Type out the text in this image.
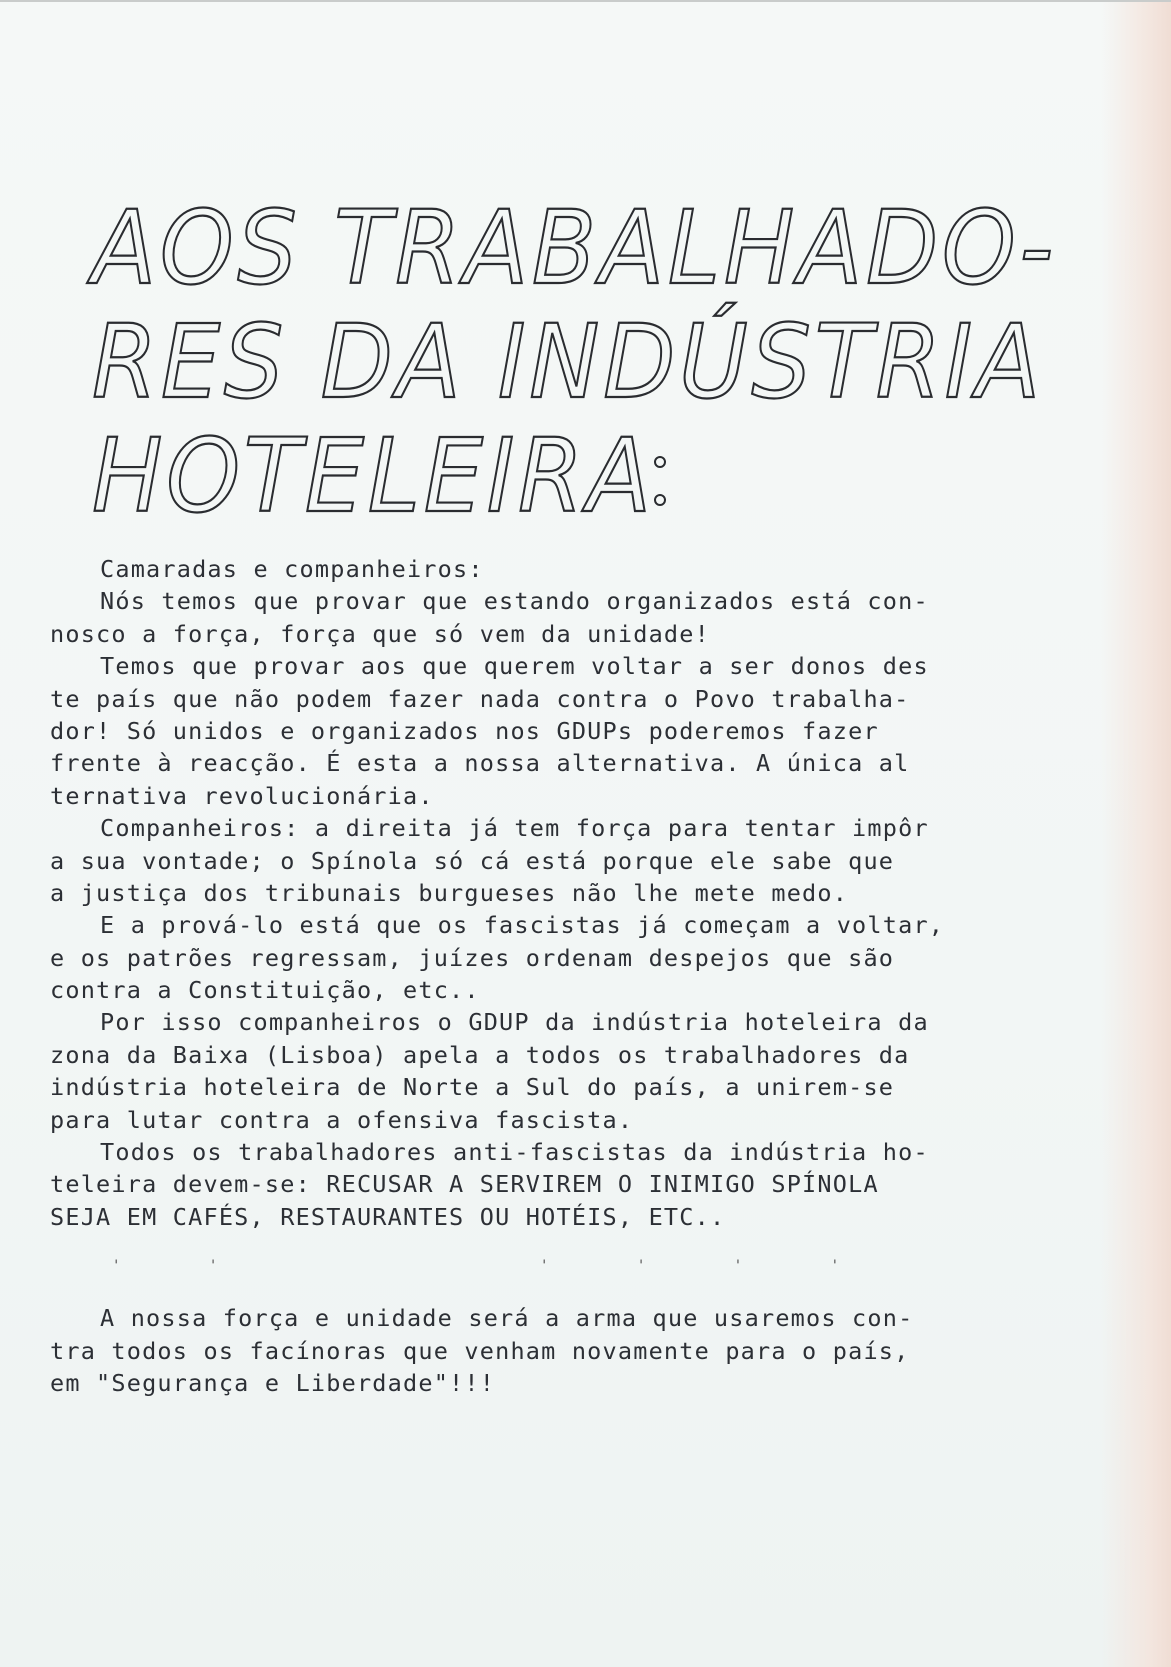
AOS TRABALHADO-
RES DA INDÚSTRIA
HOTELEIRA
Camaradas e companheiros:
Nós temos que provar que estando organizados está con-
nosco a força, força que só vem da unidade!
Temos que provar aos que querem voltar a ser donos des
te país que não podem fazer nada contra o Povo trabalha-
dor! Só unidos e organizados nos GDUPs poderemos fazer
frente à reacção. É esta a nossa alternativa. A única al
ternativa revolucionária.
Companheiros: a direita já tem força para tentar impôr
a sua vontade; o Spínola só cá está porque ele sabe que
a justiça dos tribunais burgueses não lhe mete medo.
E a prová-lo está que os fascistas já começam a voltar,
e os patrões regressam, juízes ordenam despejos que são
contra a Constituição, etc..
Por isso companheiros o GDUP da indústria hoteleira da
zona da Baixa (Lisboa) apela a todos os trabalhadores da
indústria hoteleira de Norte a Sul do país, a unirem-se
para lutar contra a ofensiva fascista.
Todos os trabalhadores anti-fascistas da indústria ho-
teleira devem-se: RECUSAR A SERVIREM O INIMIGO SPÍNOLA
SEJA EM CAFÉS, RESTAURANTES OU HOTÉIS, ETC..
A nossa força e unidade será a arma que usaremos con-
tra todos os facínoras que venham novamente para o país,
em "Segurança e Liberdade"!!!
' '	' ' ' '
